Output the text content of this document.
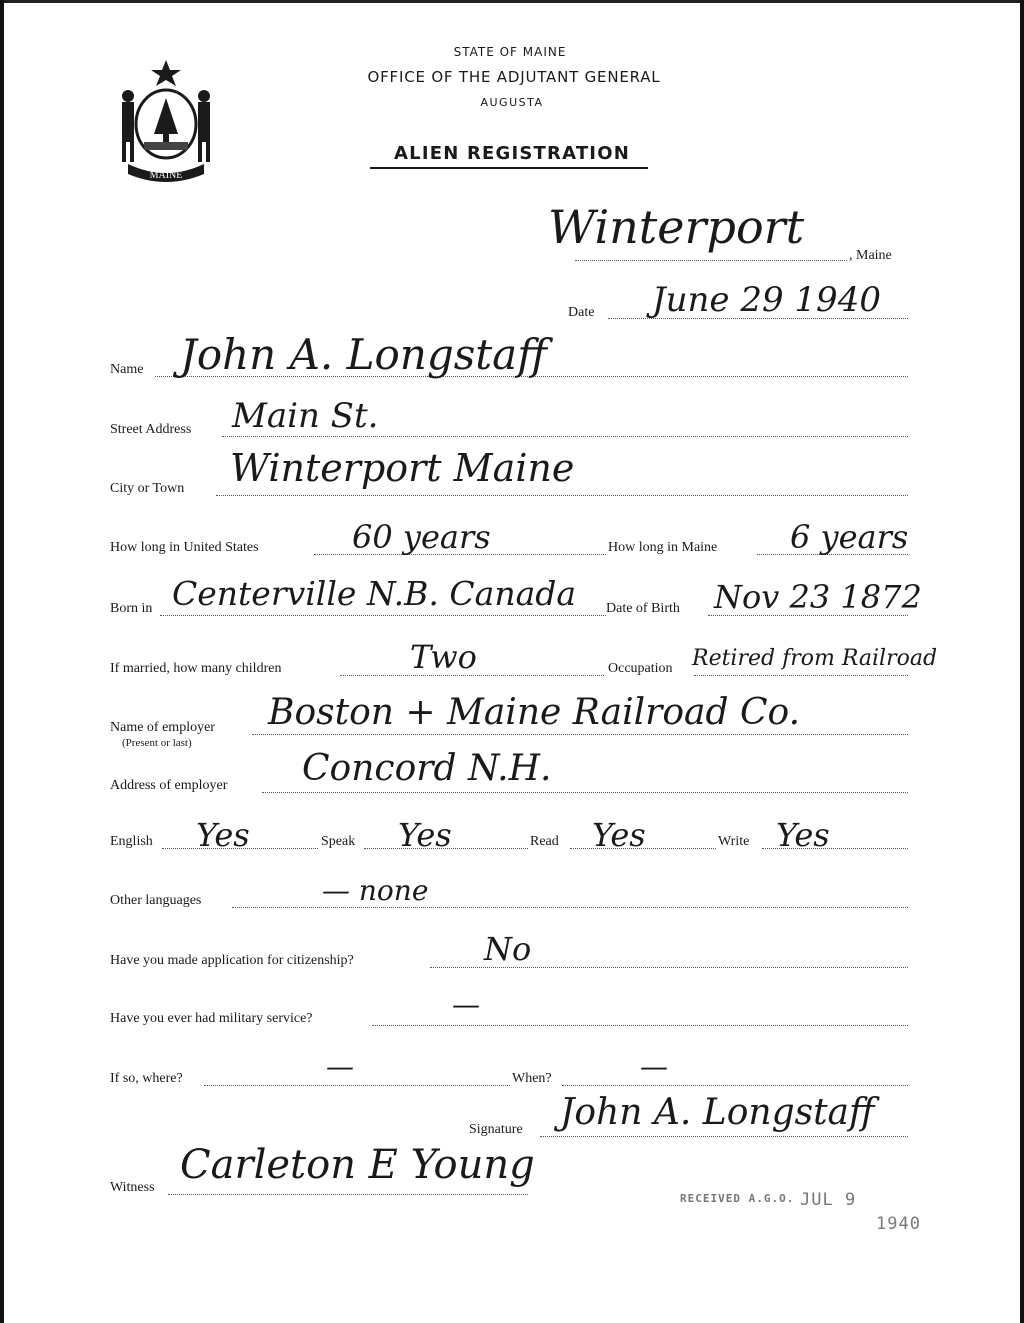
MAINE
STATE OF MAINE
OFFICE OF THE ADJUTANT GENERAL
AUGUSTA
ALIEN REGISTRATION
Winterport
, Maine
Date June 29 1940
Name John A. Longstaff
Street Address Main St.
City or Town Winterport Maine
How long in United States	60 years	How long in Maine 6 years
Born in Centerville N.B. Canada Date of Birth Nov 23 1872
If married, how many children	Two	Occupation Retired from Railroad
Name of employer
(Present or last)
Boston + Maine Railroad Co.
Address of employer Concord N.H.
English Yes	Speak Yes	Read Yes	Write Yes
Other languages	— none
Have you made application for citizenship?	No
Have you ever had military service?	—
If so, where?	—	When?	—
Signature John A. Longstaff
Witness Carleton E Young
RECEIVED A.G.O. JUL 9
1940
